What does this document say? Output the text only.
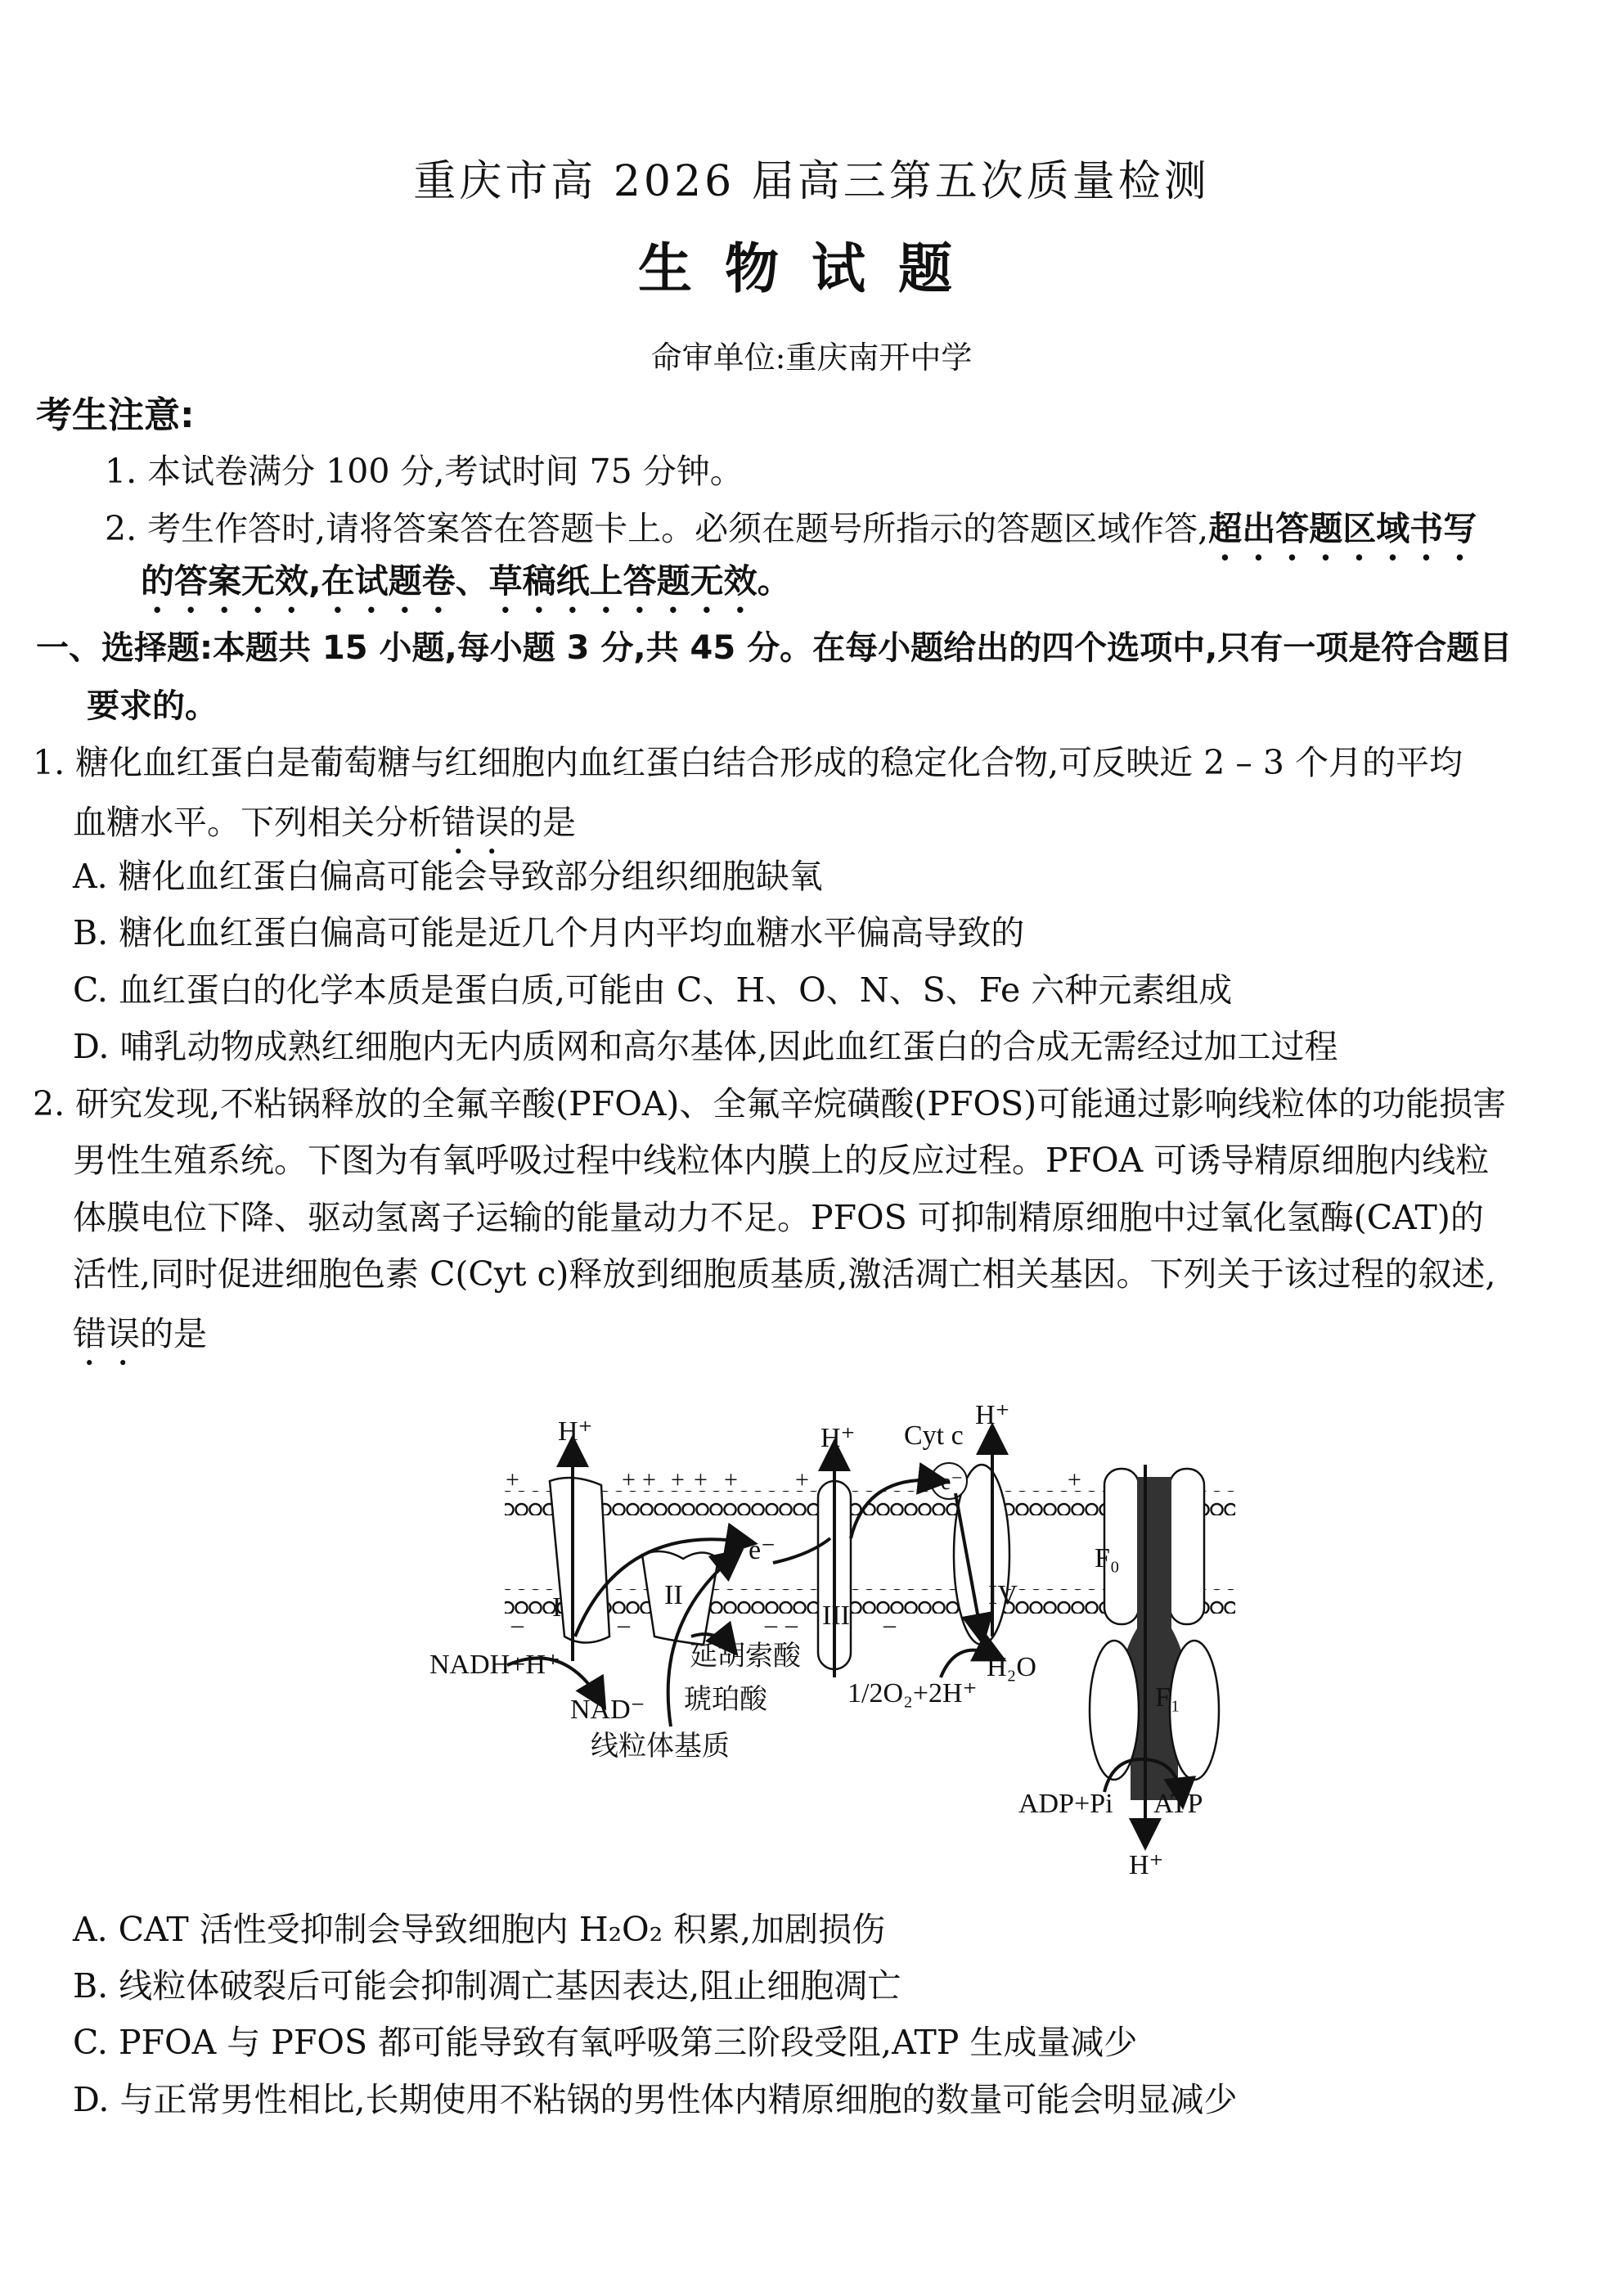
重庆市高 2026 届高三第五次质量检测
生物试题
命审单位:重庆南开中学
考生注意:
1. 本试卷满分 100 分,考试时间 75 分钟。
2. 考生作答时,请将答案答在答题卡上。必须在题号所指示的答题区域作答,超出答题区域书写
的答案无效,在试题卷、草稿纸上答题无效。
一、选择题:本题共 15 小题,每小题 3 分,共 45 分。在每小题给出的四个选项中,只有一项是符合题目
要求的。
1. 糖化血红蛋白是葡萄糖与红细胞内血红蛋白结合形成的稳定化合物,可反映近 2 – 3 个月的平均
血糖水平。下列相关分析错误的是
A. 糖化血红蛋白偏高可能会导致部分组织细胞缺氧
B. 糖化血红蛋白偏高可能是近几个月内平均血糖水平偏高导致的
C. 血红蛋白的化学本质是蛋白质,可能由 C、H、O、N、S、Fe 六种元素组成
D. 哺乳动物成熟红细胞内无内质网和高尔基体,因此血红蛋白的合成无需经过加工过程
2. 研究发现,不粘锅释放的全氟辛酸(PFOA)、全氟辛烷磺酸(PFOS)可能通过影响线粒体的功能损害
男性生殖系统。下图为有氧呼吸过程中线粒体内膜上的反应过程。PFOA 可诱导精原细胞内线粒
体膜电位下降、驱动氢离子运输的能量动力不足。PFOS 可抑制精原细胞中过氧化氢酶(CAT)的
活性,同时促进细胞色素 C(Cyt c)释放到细胞质基质,激活凋亡相关基因。下列关于该过程的叙述,
错误的是
H⁺	H⁺
H⁺
H⁺
Cyt c
e⁻
e⁻
I	II
III
IV
F₀
F₁
NADH+H⁺
NAD⁻
线粒体基质
延胡索酸
琥珀酸	1/2O₂+2H⁺
H₂O
ADP+Pi ATP
+	+ + + + + +	+
–	–	– –	–
A. CAT 活性受抑制会导致细胞内 H₂O₂ 积累,加剧损伤
B. 线粒体破裂后可能会抑制凋亡基因表达,阻止细胞凋亡
C. PFOA 与 PFOS 都可能导致有氧呼吸第三阶段受阻,ATP 生成量减少
D. 与正常男性相比,长期使用不粘锅的男性体内精原细胞的数量可能会明显减少
